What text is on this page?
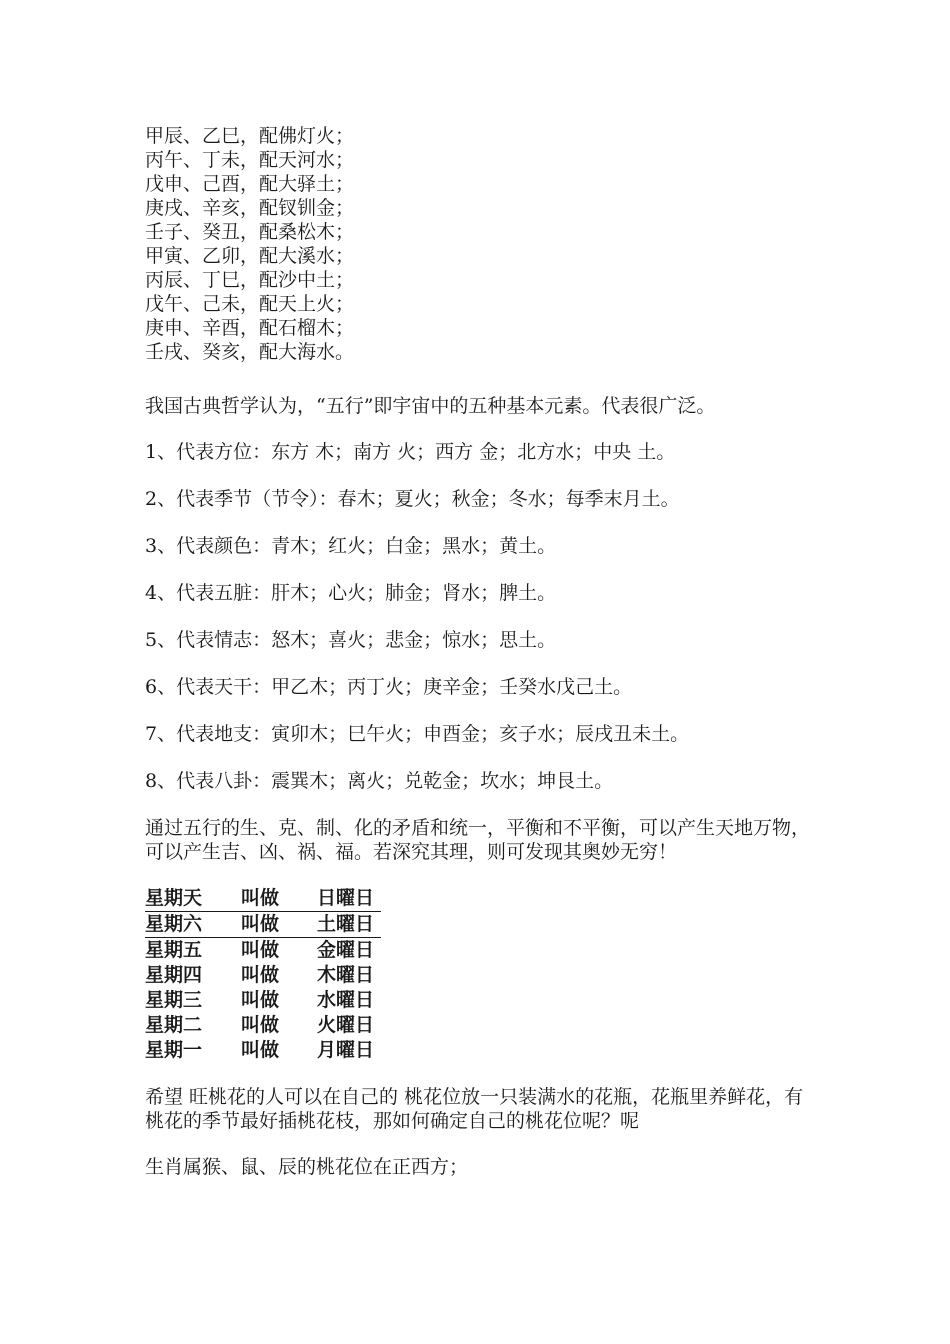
甲辰、乙巳，配佛灯火；
丙午、丁未，配天河水；
戊申、己酉，配大驿土；
庚戌、辛亥，配钗钏金；
壬子、癸丑，配桑松木；
甲寅、乙卯，配大溪水；
丙辰、丁巳，配沙中土；
戊午、己未，配天上火；
庚申、辛酉，配石榴木；
壬戌、癸亥，配大海水。

我国古典哲学认为，“五行”即宇宙中的五种基本元素。代表很广泛。

1、代表方位：东方 木；南方 火；西方 金；北方水；中央 土。
2、代表季节（节令）：春木；夏火；秋金；冬水；每季末月土。
3、代表颜色：青木；红火；白金；黑水；黄土。
4、代表五脏：肝木；心火；肺金；肾水；脾土。
5、代表情志：怒木；喜火；悲金；惊水；思土。
6、代表天干：甲乙木；丙丁火；庚辛金；壬癸水戊己土。
7、代表地支：寅卯木；巳午火；申酉金；亥子水；辰戌丑未土。
8、代表八卦：震巽木；离火；兑乾金；坎水；坤艮土。

通过五行的生、克、制、化的矛盾和统一，平衡和不平衡，可以产生天地万物，可以产生吉、凶、祸、福。若深究其理，则可发现其奥妙无穷！

星期天	叫做	日曜日
星期六	叫做	土曜日
星期五	叫做	金曜日
星期四	叫做	木曜日
星期三	叫做	水曜日
星期二	叫做	火曜日
星期一	叫做	月曜日

希望 旺桃花的人可以在自己的 桃花位放一只装满水的花瓶，花瓶里养鲜花，有桃花的季节最好插桃花枝，那如何确定自己的桃花位呢？呢

生肖属猴、鼠、辰的桃花位在正西方；
